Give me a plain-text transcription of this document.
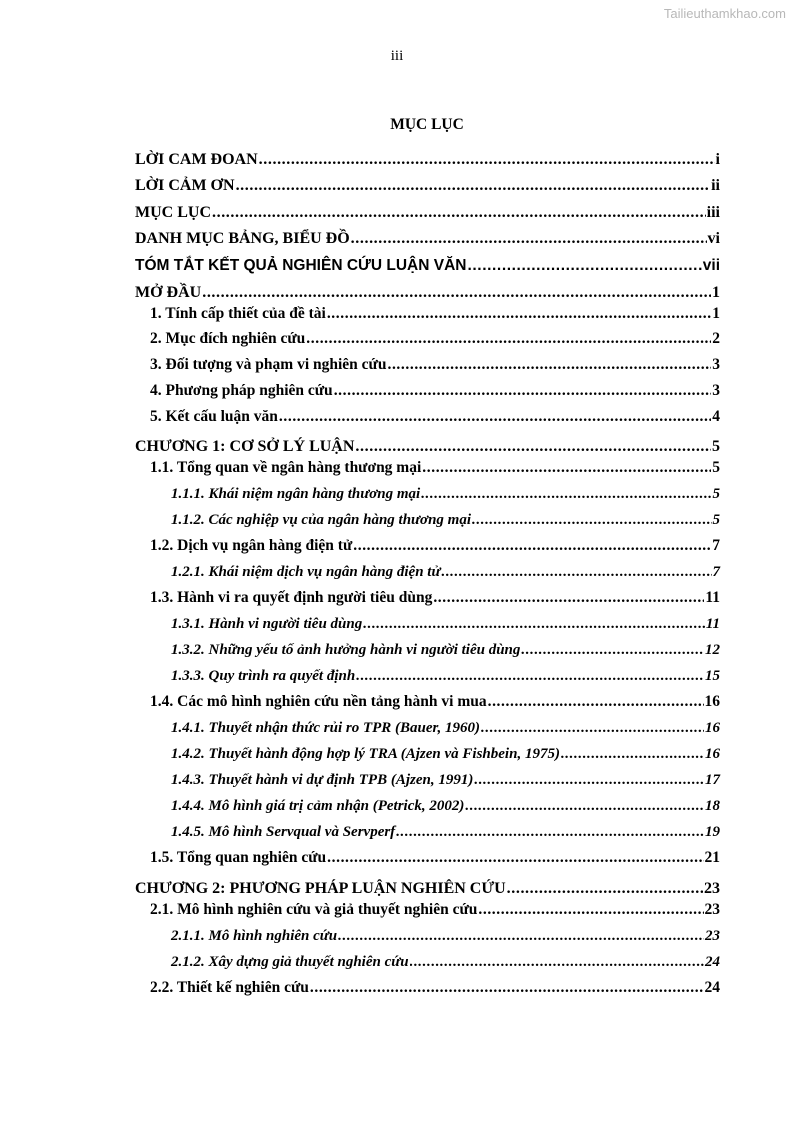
Tailieuthamkhao.com
iii
MỤC LỤC
LỜI CAM ĐOAN .....	i
LỜI CẢM ƠN .....	ii
MỤC LỤC .....	iii
DANH MỤC BẢNG, BIỂU ĐỒ .....	vi
TÓM TẮT KẾT QUẢ NGHIÊN CỨU LUẬN VĂN .....	vii
MỞ ĐẦU .....	1
1. Tính cấp thiết của đề tài .....	1
2. Mục đích nghiên cứu .....	2
3. Đối tượng và phạm vi nghiên cứu .....	3
4. Phương pháp nghiên cứu .....	3
5. Kết cấu luận văn .....	4
CHƯƠNG 1: CƠ SỞ LÝ LUẬN .....	5
1.1. Tổng quan về ngân hàng thương mại .....	5
1.1.1. Khái niệm ngân hàng thương mại .....	5
1.1.2. Các nghiệp vụ của ngân hàng thương mại .....	5
1.2. Dịch vụ ngân hàng điện tử .....	7
1.2.1. Khái niệm dịch vụ ngân hàng điện tử .....	7
1.3. Hành vi ra quyết định người tiêu dùng .....	11
1.3.1. Hành vi người tiêu dùng .....	11
1.3.2. Những yếu tố ảnh hưởng hành vi người tiêu dùng .....	12
1.3.3. Quy trình ra quyết định .....	15
1.4. Các mô hình nghiên cứu nền tảng hành vi mua .....	16
1.4.1. Thuyết nhận thức rủi ro TPR (Bauer, 1960) .....	16
1.4.2. Thuyết hành động hợp lý TRA (Ajzen và Fishbein, 1975) .....	16
1.4.3. Thuyết hành vi dự định TPB (Ajzen, 1991) .....	17
1.4.4. Mô hình giá trị cảm nhận (Petrick, 2002) .....	18
1.4.5. Mô hình Servqual và Servperf .....	19
1.5. Tổng quan nghiên cứu .....	21
CHƯƠNG 2: PHƯƠNG PHÁP LUẬN NGHIÊN CỨU .....	23
2.1. Mô hình nghiên cứu và giả thuyết nghiên cứu .....	23
2.1.1. Mô hình nghiên cứu .....	23
2.1.2. Xây dựng giả thuyết nghiên cứu .....	24
2.2. Thiết kế nghiên cứu .....	24
